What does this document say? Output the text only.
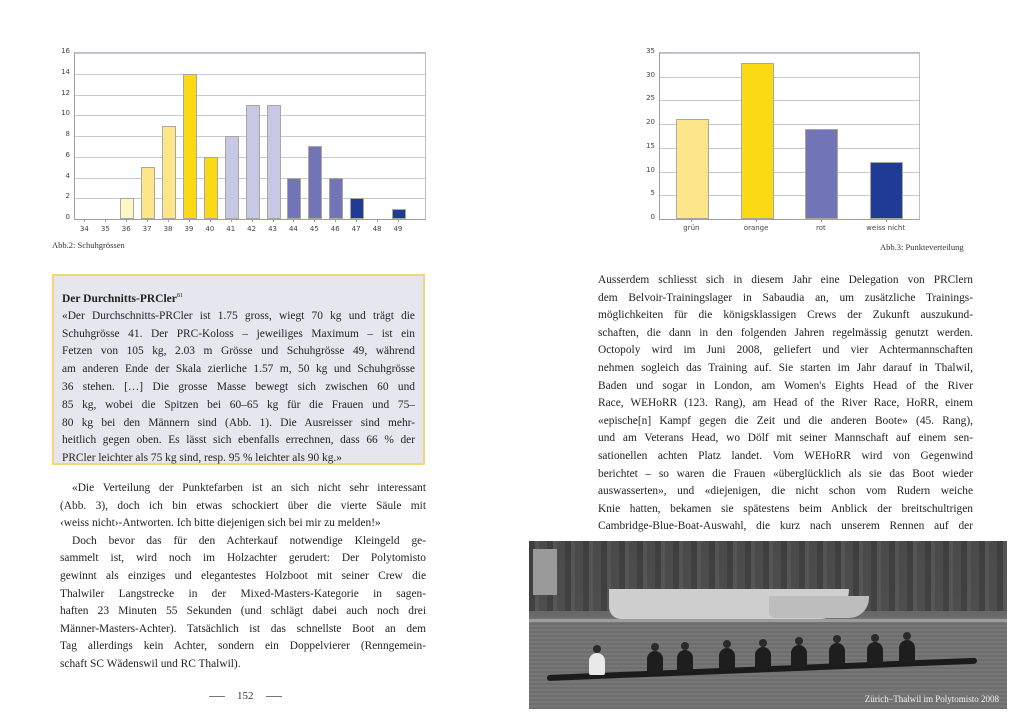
Abb.2: Schuhgrössen
0
2
4
6
8
10
12
14
16
34	35	36	37	38	39	40	41	42	43	44	45	46	47	48	49
Der Durchnitts-PRCler$^{81}$

«Der Durchschnitts-PRCler ist 1.75 gross, wiegt 70 kg und trägt die
Schuhgrösse 41. Der PRC-Koloss – jeweiliges Maximum – ist ein
Fetzen von 105 kg, 2.03 m Grösse und Schuhgrösse 49, während
am anderen Ende der Skala zierliche 1.57 m, 50 kg und Schuhgrösse
36 stehen. […] Die grosse Masse bewegt sich zwischen 60 und
85 kg, wobei die Spitzen bei 60–65 kg für die Frauen und 75–
80 kg bei den Männern sind (Abb. 1). Die Ausreisser sind mehr-
heitlich gegen oben. Es lässt sich ebenfalls errechnen, dass 66 % der
PRCler leichter als 75 kg sind, resp. 95 % leichter als 90 kg.»

«Die Verteilung der Punktefarben ist an sich nicht sehr interessant
(Abb. 3), doch ich bin etwas schockiert über die vierte Säule mit
‹weiss nicht›-Antworten. Ich bitte diejenigen sich bei mir zu melden!»
Doch bevor das für den Achterkauf notwendige Kleingeld ge-
sammelt ist, wird noch im Holzachter gerudert: Der Polytomisto
gewinnt als einziges und elegantestes Holzboot mit seiner Crew die
Thalwiler Langstrecke in der Mixed-Masters-Kategorie in sagen-
haften 23 Minuten 55 Sekunden (und schlägt dabei auch noch drei
Männer-Masters-Achter). Tatsächlich ist das schnellste Boot an dem
Tag allerdings kein Achter, sondern ein Doppelvierer (Renngemein-
schaft SC Wädenswil und RC Thalwil).
152
Abb.3: Punkteverteilung
0
5
10
15
20
25
30
35
grün	orange	rot	weiss nicht
Ausserdem schliesst sich in diesem Jahr eine Delegation von PRClern
dem Belvoir-Trainingslager in Sabaudia an, um zusätzliche Trainings-
möglichkeiten für die königsklassigen Crews der Zukunft auszukund-
schaften, die dann in den folgenden Jahren regelmässig genutzt werden.
Octopoly wird im Juni 2008, geliefert und vier Achtermannschaften
nehmen sogleich das Training auf. Sie starten im Jahr darauf in Thalwil,
Baden und sogar in London, am Women's Eights Head of the River
Race, WEHoRR (123. Rang), am Head of the River Race, HoRR, einem
«epische[n] Kampf gegen die Zeit und die anderen Boote» (45. Rang),
und am Veterans Head, wo Dölf mit seiner Mannschaft auf einem sen-
sationellen achten Platz landet. Vom WEHoRR wird von Gegenwind
berichtet – so waren die Frauen «überglücklich als sie das Boot wieder
auswasserten», und «diejenigen, die nicht schon vom Rudern weiche
Knie hatten, bekamen sie spätestens beim Anblick der breitschultrigen
Cambridge-Blue-Boat-Auswahl, die kurz nach unserem Rennen auf der
Zürich–Thalwil im Polytomisto 2008
